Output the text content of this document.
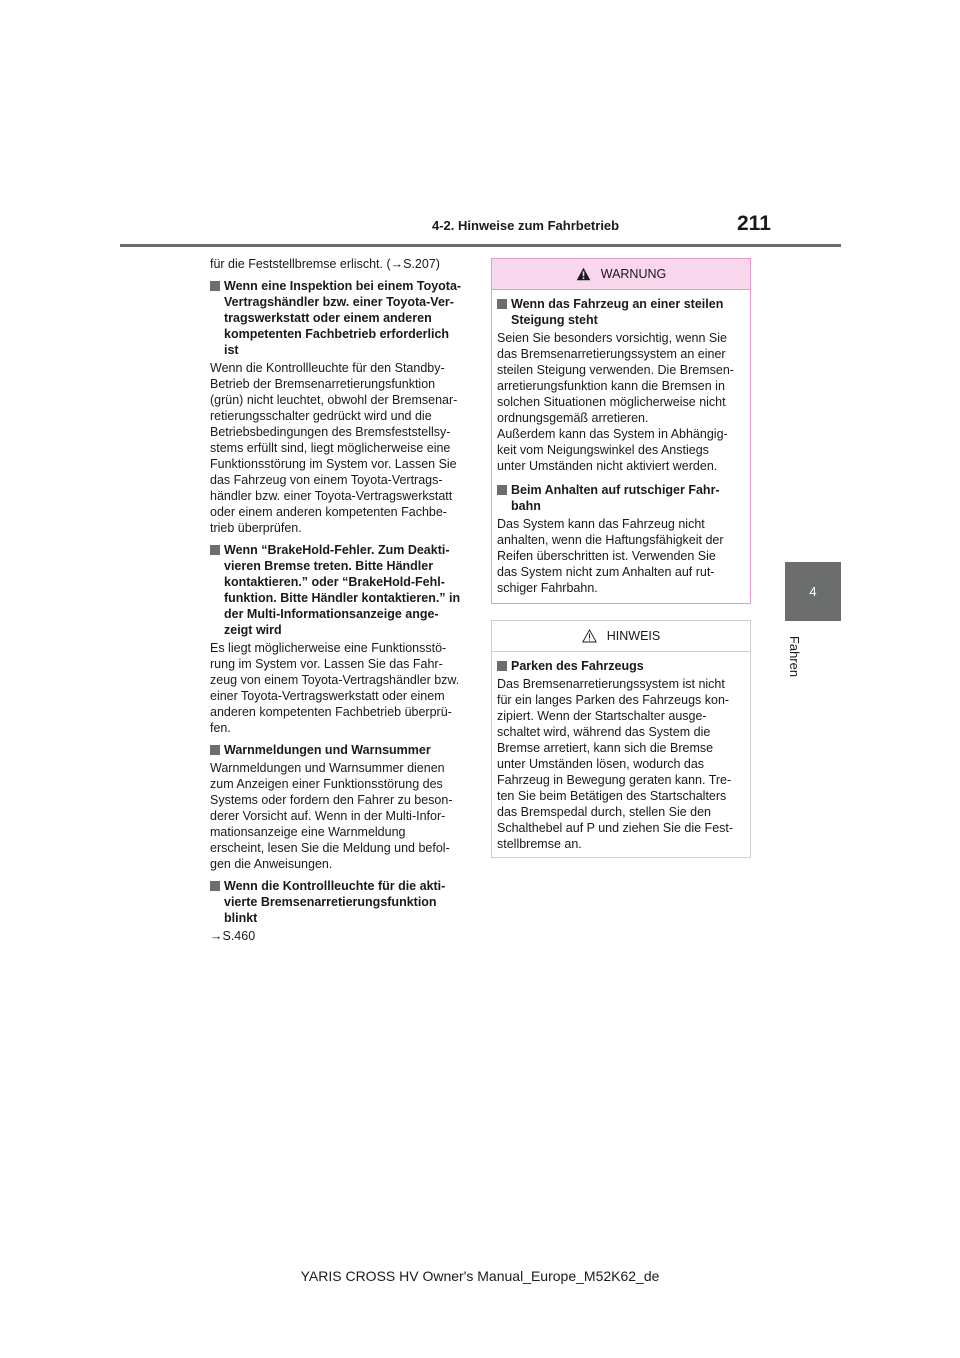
4-2. Hinweise zum Fahrbetrieb	211
4
Fahren

für die Feststellbremse erlischt. (→S.207)

Wenn eine Inspektion bei einem Toyota-
Vertragshändler bzw. einer Toyota-Ver-
tragswerkstatt oder einem anderen
kompetenten Fachbetrieb erforderlich
ist
Wenn die Kontrollleuchte für den Standby-
Betrieb der Bremsenarretierungsfunktion
(grün) nicht leuchtet, obwohl der Bremsenar-
retierungsschalter gedrückt wird und die
Betriebsbedingungen des Bremsfeststellsy-
stems erfüllt sind, liegt möglicherweise eine
Funktionsstörung im System vor. Lassen Sie
das Fahrzeug von einem Toyota-Vertrags-
händler bzw. einer Toyota-Vertragswerkstatt
oder einem anderen kompetenten Fachbe-
trieb überprüfen.
Wenn “BrakeHold-Fehler. Zum Deakti-
vieren Bremse treten. Bitte Händler
kontaktieren.” oder “BrakeHold-Fehl-
funktion. Bitte Händler kontaktieren.” in
der Multi-Informationsanzeige ange-
zeigt wird
Es liegt möglicherweise eine Funktionsstö-
rung im System vor. Lassen Sie das Fahr-
zeug von einem Toyota-Vertragshändler bzw.
einer Toyota-Vertragswerkstatt oder einem
anderen kompetenten Fachbetrieb überprü-
fen.
Warnmeldungen und Warnsummer
Warnmeldungen und Warnsummer dienen
zum Anzeigen einer Funktionsstörung des
Systems oder fordern den Fahrer zu beson-
derer Vorsicht auf. Wenn in der Multi-Infor-
mationsanzeige eine Warnmeldung
erscheint, lesen Sie die Meldung und befol-
gen die Anweisungen.
Wenn die Kontrollleuchte für die akti-
vierte Bremsenarretierungsfunktion
blinkt
→S.460
WARNUNG
Wenn das Fahrzeug an einer steilen
Steigung steht
Seien Sie besonders vorsichtig, wenn Sie
das Bremsenarretierungssystem an einer
steilen Steigung verwenden. Die Bremsen-
arretierungsfunktion kann die Bremsen in
solchen Situationen möglicherweise nicht
ordnungsgemäß arretieren.
Außerdem kann das System in Abhängig-
keit vom Neigungswinkel des Anstiegs
unter Umständen nicht aktiviert werden.
Beim Anhalten auf rutschiger Fahr-
bahn
Das System kann das Fahrzeug nicht
anhalten, wenn die Haftungsfähigkeit der
Reifen überschritten ist. Verwenden Sie
das System nicht zum Anhalten auf rut-
schiger Fahrbahn.
HINWEIS
Parken des Fahrzeugs
Das Bremsenarretierungssystem ist nicht
für ein langes Parken des Fahrzeugs kon-
zipiert. Wenn der Startschalter ausge-
schaltet wird, während das System die
Bremse arretiert, kann sich die Bremse
unter Umständen lösen, wodurch das
Fahrzeug in Bewegung geraten kann. Tre-
ten Sie beim Betätigen des Startschalters
das Bremspedal durch, stellen Sie den
Schalthebel auf P und ziehen Sie die Fest-
stellbremse an.
YARIS CROSS HV Owner's Manual_Europe_M52K62_de
